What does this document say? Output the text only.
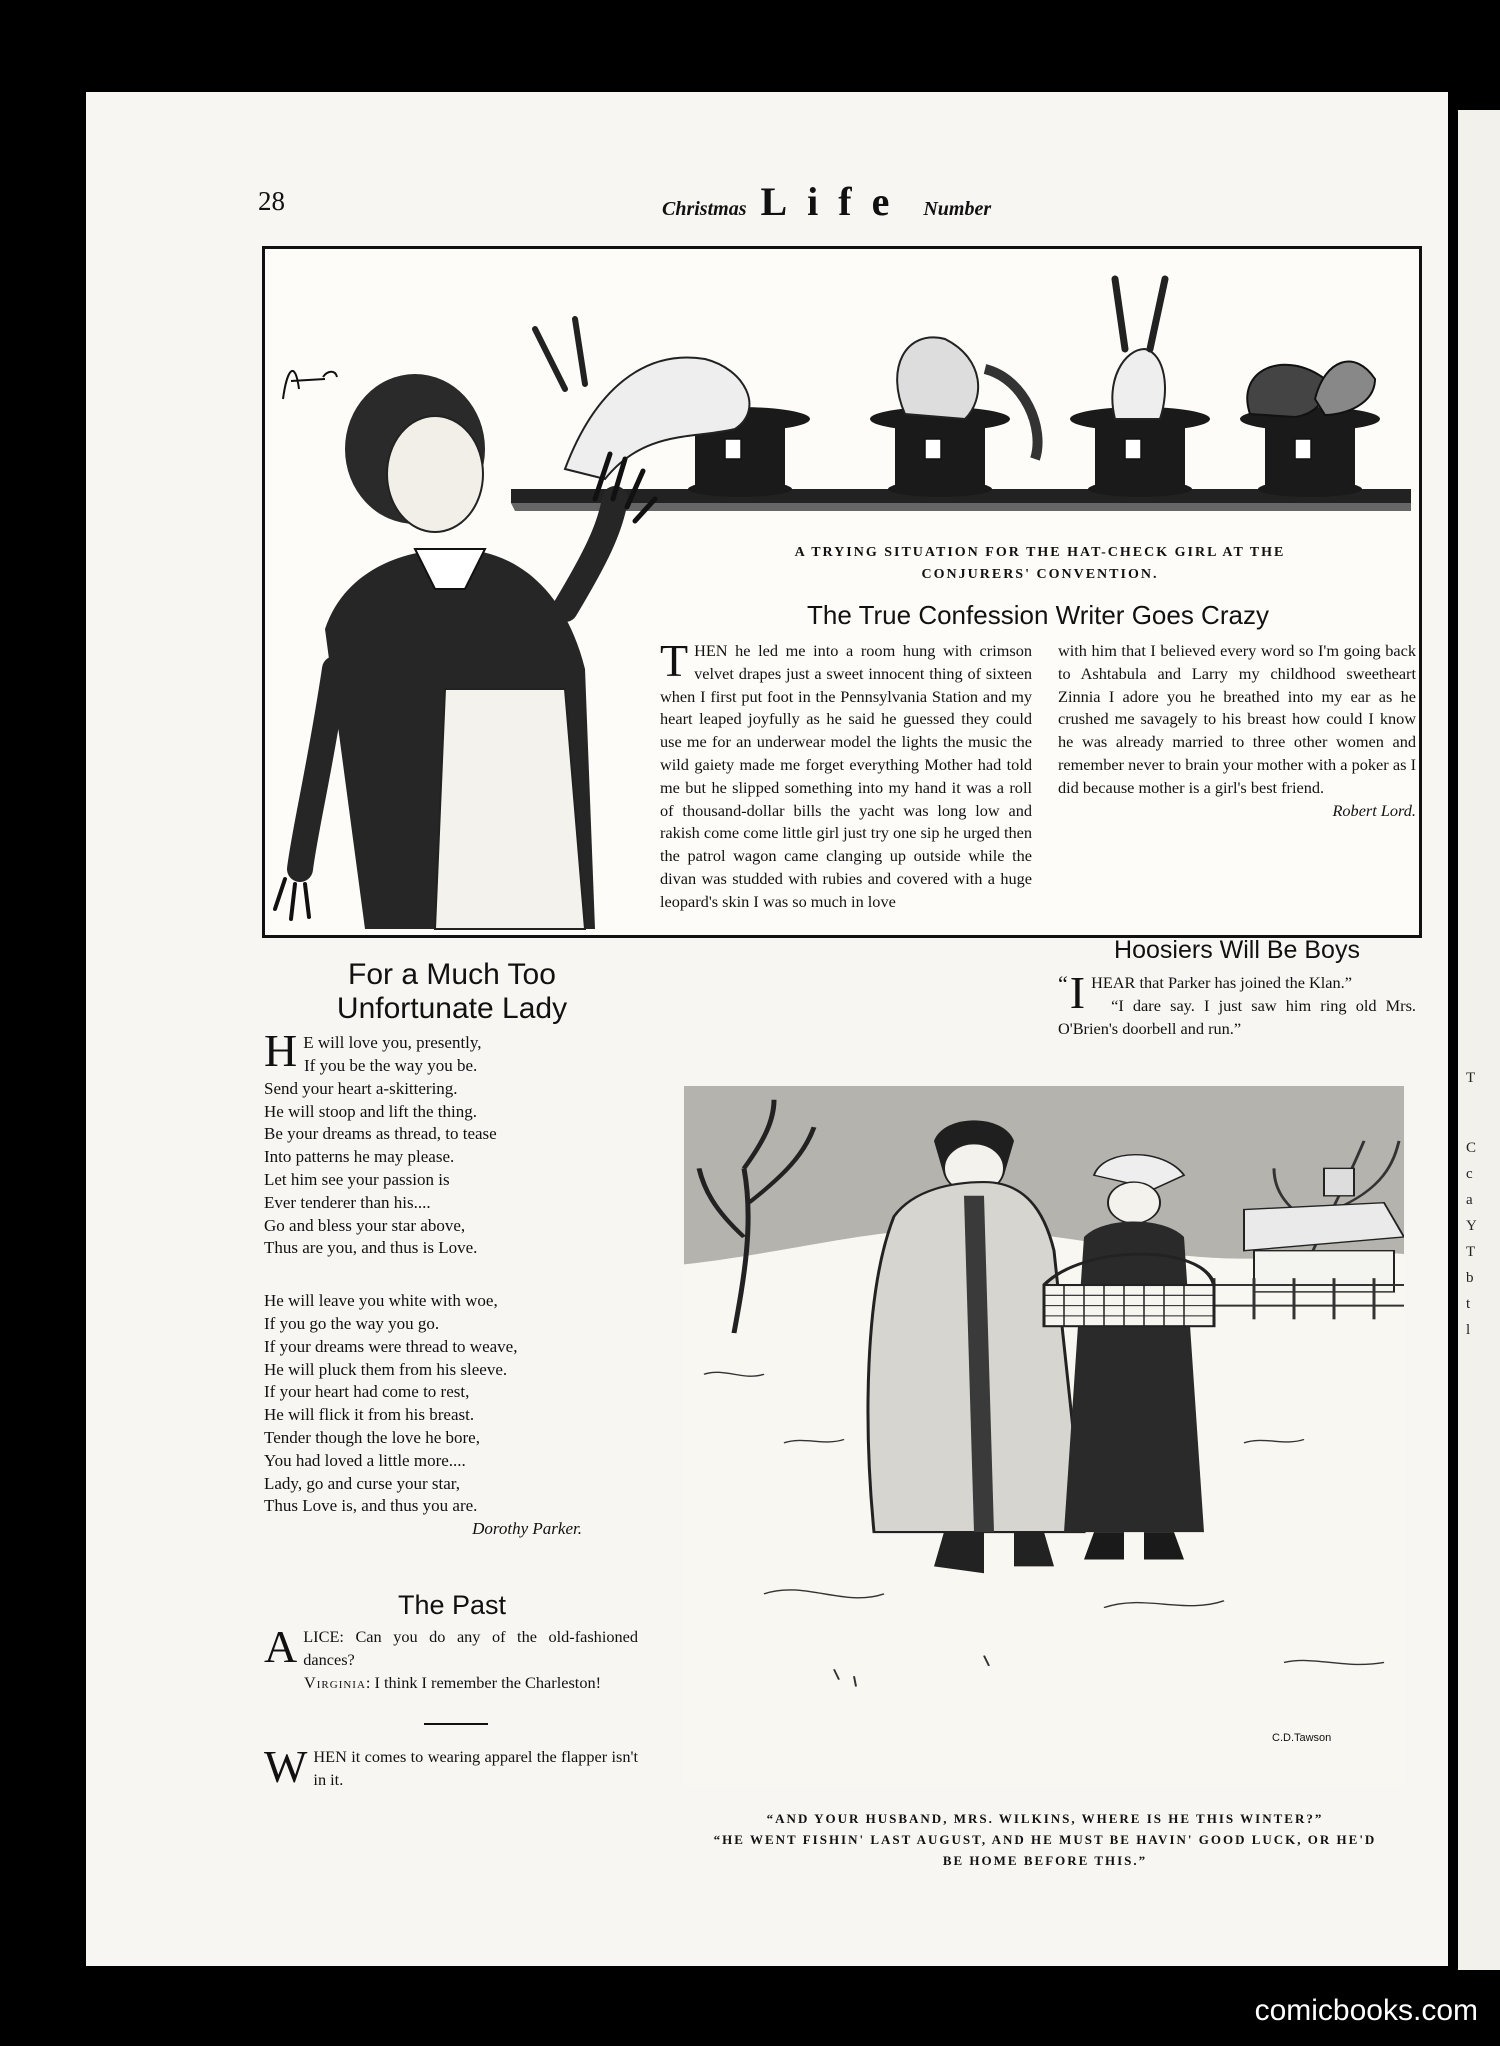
T
C
c
a
Y
T
b
t
l
28	Christmas Life Number
A TRYING SITUATION FOR THE HAT-CHECK GIRL AT THE
CONJURERS' CONVENTION.
The True Confession Writer Goes Crazy
THEN he led me into a room hung with crimson velvet drapes just a sweet innocent thing of sixteen when I first put foot in the Pennsylvania Station and my heart leaped joyfully as he said he guessed they could use me for an underwear model the lights the music the wild gaiety made me forget everything Mother had told me but he slipped something into my hand it was a roll of thousand-dollar bills the yacht was long low and rakish come come little girl just try one sip he urged then the patrol wagon came clanging up outside while the divan was studded with rubies and covered with a huge leopard's skin I was so much in love
with him that I believed every word so I'm going back to Ashtabula and Larry my childhood sweetheart Zinnia I adore you he breathed into my ear as he crushed me savagely to his breast how could I know he was already married to three other women and remember never to brain your mother with a poker as I did because mother is a girl's best friend.
Robert Lord.
Hoosiers Will Be Boys
“ I HEAR that Parker has joined the Klan.”
“I dare say. I just saw him ring old Mrs. O'Brien's doorbell and run.”
For a Much Too
Unfortunate Lady
H E will love you, presently,
If you be the way you be.
Send your heart a-skittering.
He will stoop and lift the thing.
Be your dreams as thread, to tease
Into patterns he may please.
Let him see your passion is
Ever tenderer than his....
Go and bless your star above,
Thus are you, and thus is Love.
He will leave you white with woe,
If you go the way you go.
If your dreams were thread to weave,
He will pluck them from his sleeve.
If your heart had come to rest,
He will flick it from his breast.
Tender though the love he bore,
You had loved a little more....
Lady, go and curse your star,
Thus Love is, and thus you are.
Dorothy Parker.
The Past
A LICE: Can you do any of the old-fashioned dances?
Virginia: I think I remember the Charleston!
W HEN it comes to wearing apparel the flapper isn't in it.
C.D.Tawson
“AND YOUR HUSBAND, MRS. WILKINS, WHERE IS HE THIS WINTER?”
“HE WENT FISHIN' LAST AUGUST, AND HE MUST BE HAVIN' GOOD LUCK, OR HE'D
BE HOME BEFORE THIS.”
comicbooks.com
